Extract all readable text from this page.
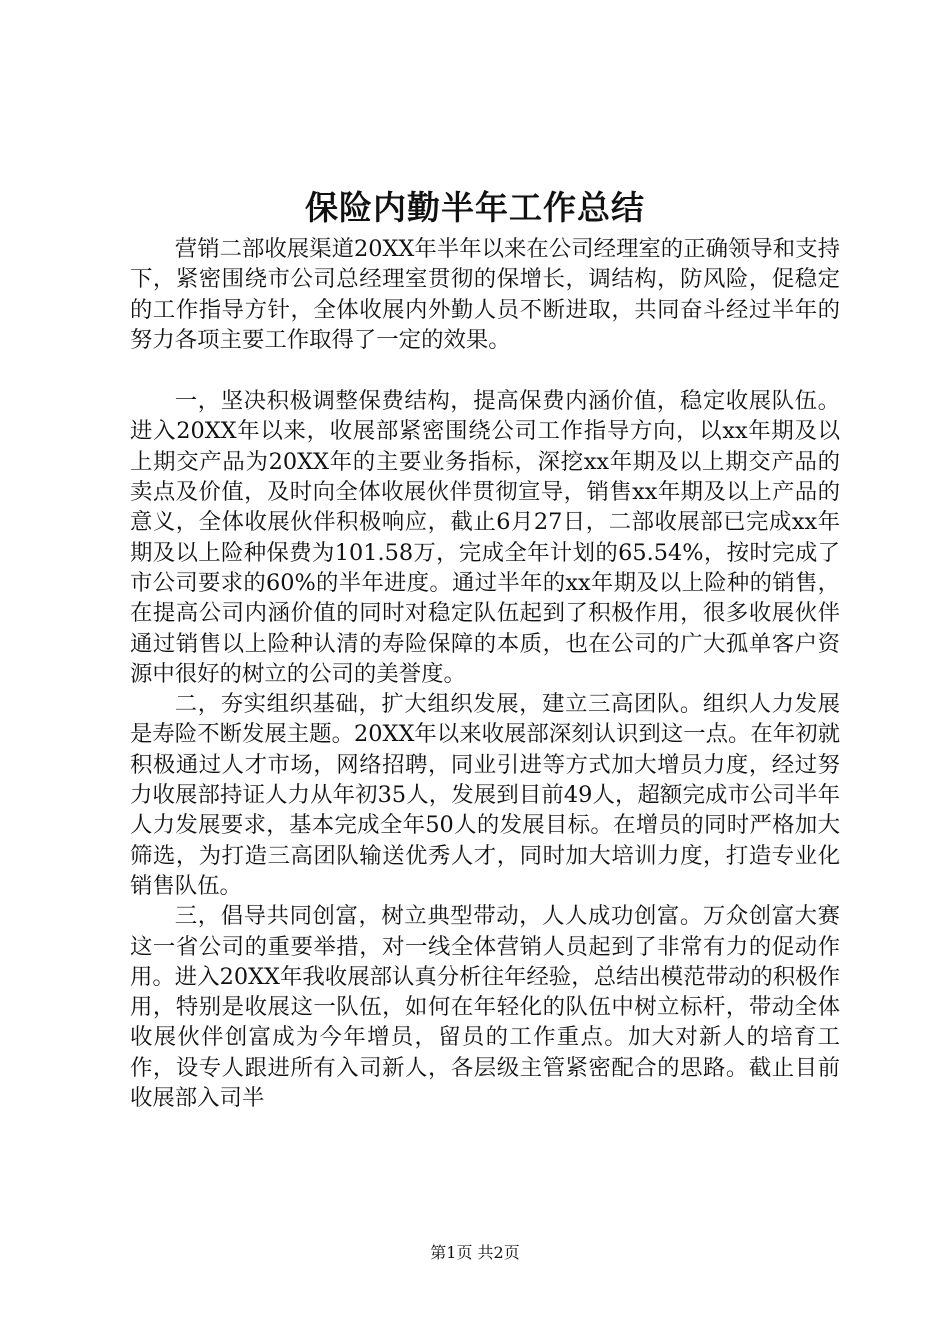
保险内勤半年工作总结

营销二部收展渠道20XX年半年以来在公司经理室的正确领导和支持下，紧密围绕市公司总经理室贯彻的保增长，调结构，防风险，促稳定的工作指导方针，全体收展内外勤人员不断进取，共同奋斗经过半年的努力各项主要工作取得了一定的效果。

一，坚决积极调整保费结构，提高保费内涵价值，稳定收展队伍。进入20XX年以来，收展部紧密围绕公司工作指导方向，以xx年期及以上期交产品为20XX年的主要业务指标，深挖xx年期及以上期交产品的卖点及价值，及时向全体收展伙伴贯彻宣导，销售xx年期及以上产品的意义，全体收展伙伴积极响应，截止6月27日，二部收展部已完成xx年期及以上险种保费为101.58万，完成全年计划的65.54%，按时完成了市公司要求的60%的半年进度。通过半年的xx年期及以上险种的销售，在提高公司内涵价值的同时对稳定队伍起到了积极作用，很多收展伙伴通过销售以上险种认清的寿险保障的本质，也在公司的广大孤单客户资源中很好的树立的公司的美誉度。

二，夯实组织基础，扩大组织发展，建立三高团队。组织人力发展是寿险不断发展主题。20XX年以来收展部深刻认识到这一点。在年初就积极通过人才市场，网络招聘，同业引进等方式加大增员力度，经过努力收展部持证人力从年初35人，发展到目前49人，超额完成市公司半年人力发展要求，基本完成全年50人的发展目标。在增员的同时严格加大筛选，为打造三高团队输送优秀人才，同时加大培训力度，打造专业化销售队伍。

三，倡导共同创富，树立典型带动，人人成功创富。万众创富大赛这一省公司的重要举措，对一线全体营销人员起到了非常有力的促动作用。进入20XX年我收展部认真分析往年经验，总结出模范带动的积极作用，特别是收展这一队伍，如何在年轻化的队伍中树立标杆，带动全体收展伙伴创富成为今年增员，留员的工作重点。加大对新人的培育工作，设专人跟进所有入司新人，各层级主管紧密配合的思路。截止目前收展部入司半

第1页 共2页
